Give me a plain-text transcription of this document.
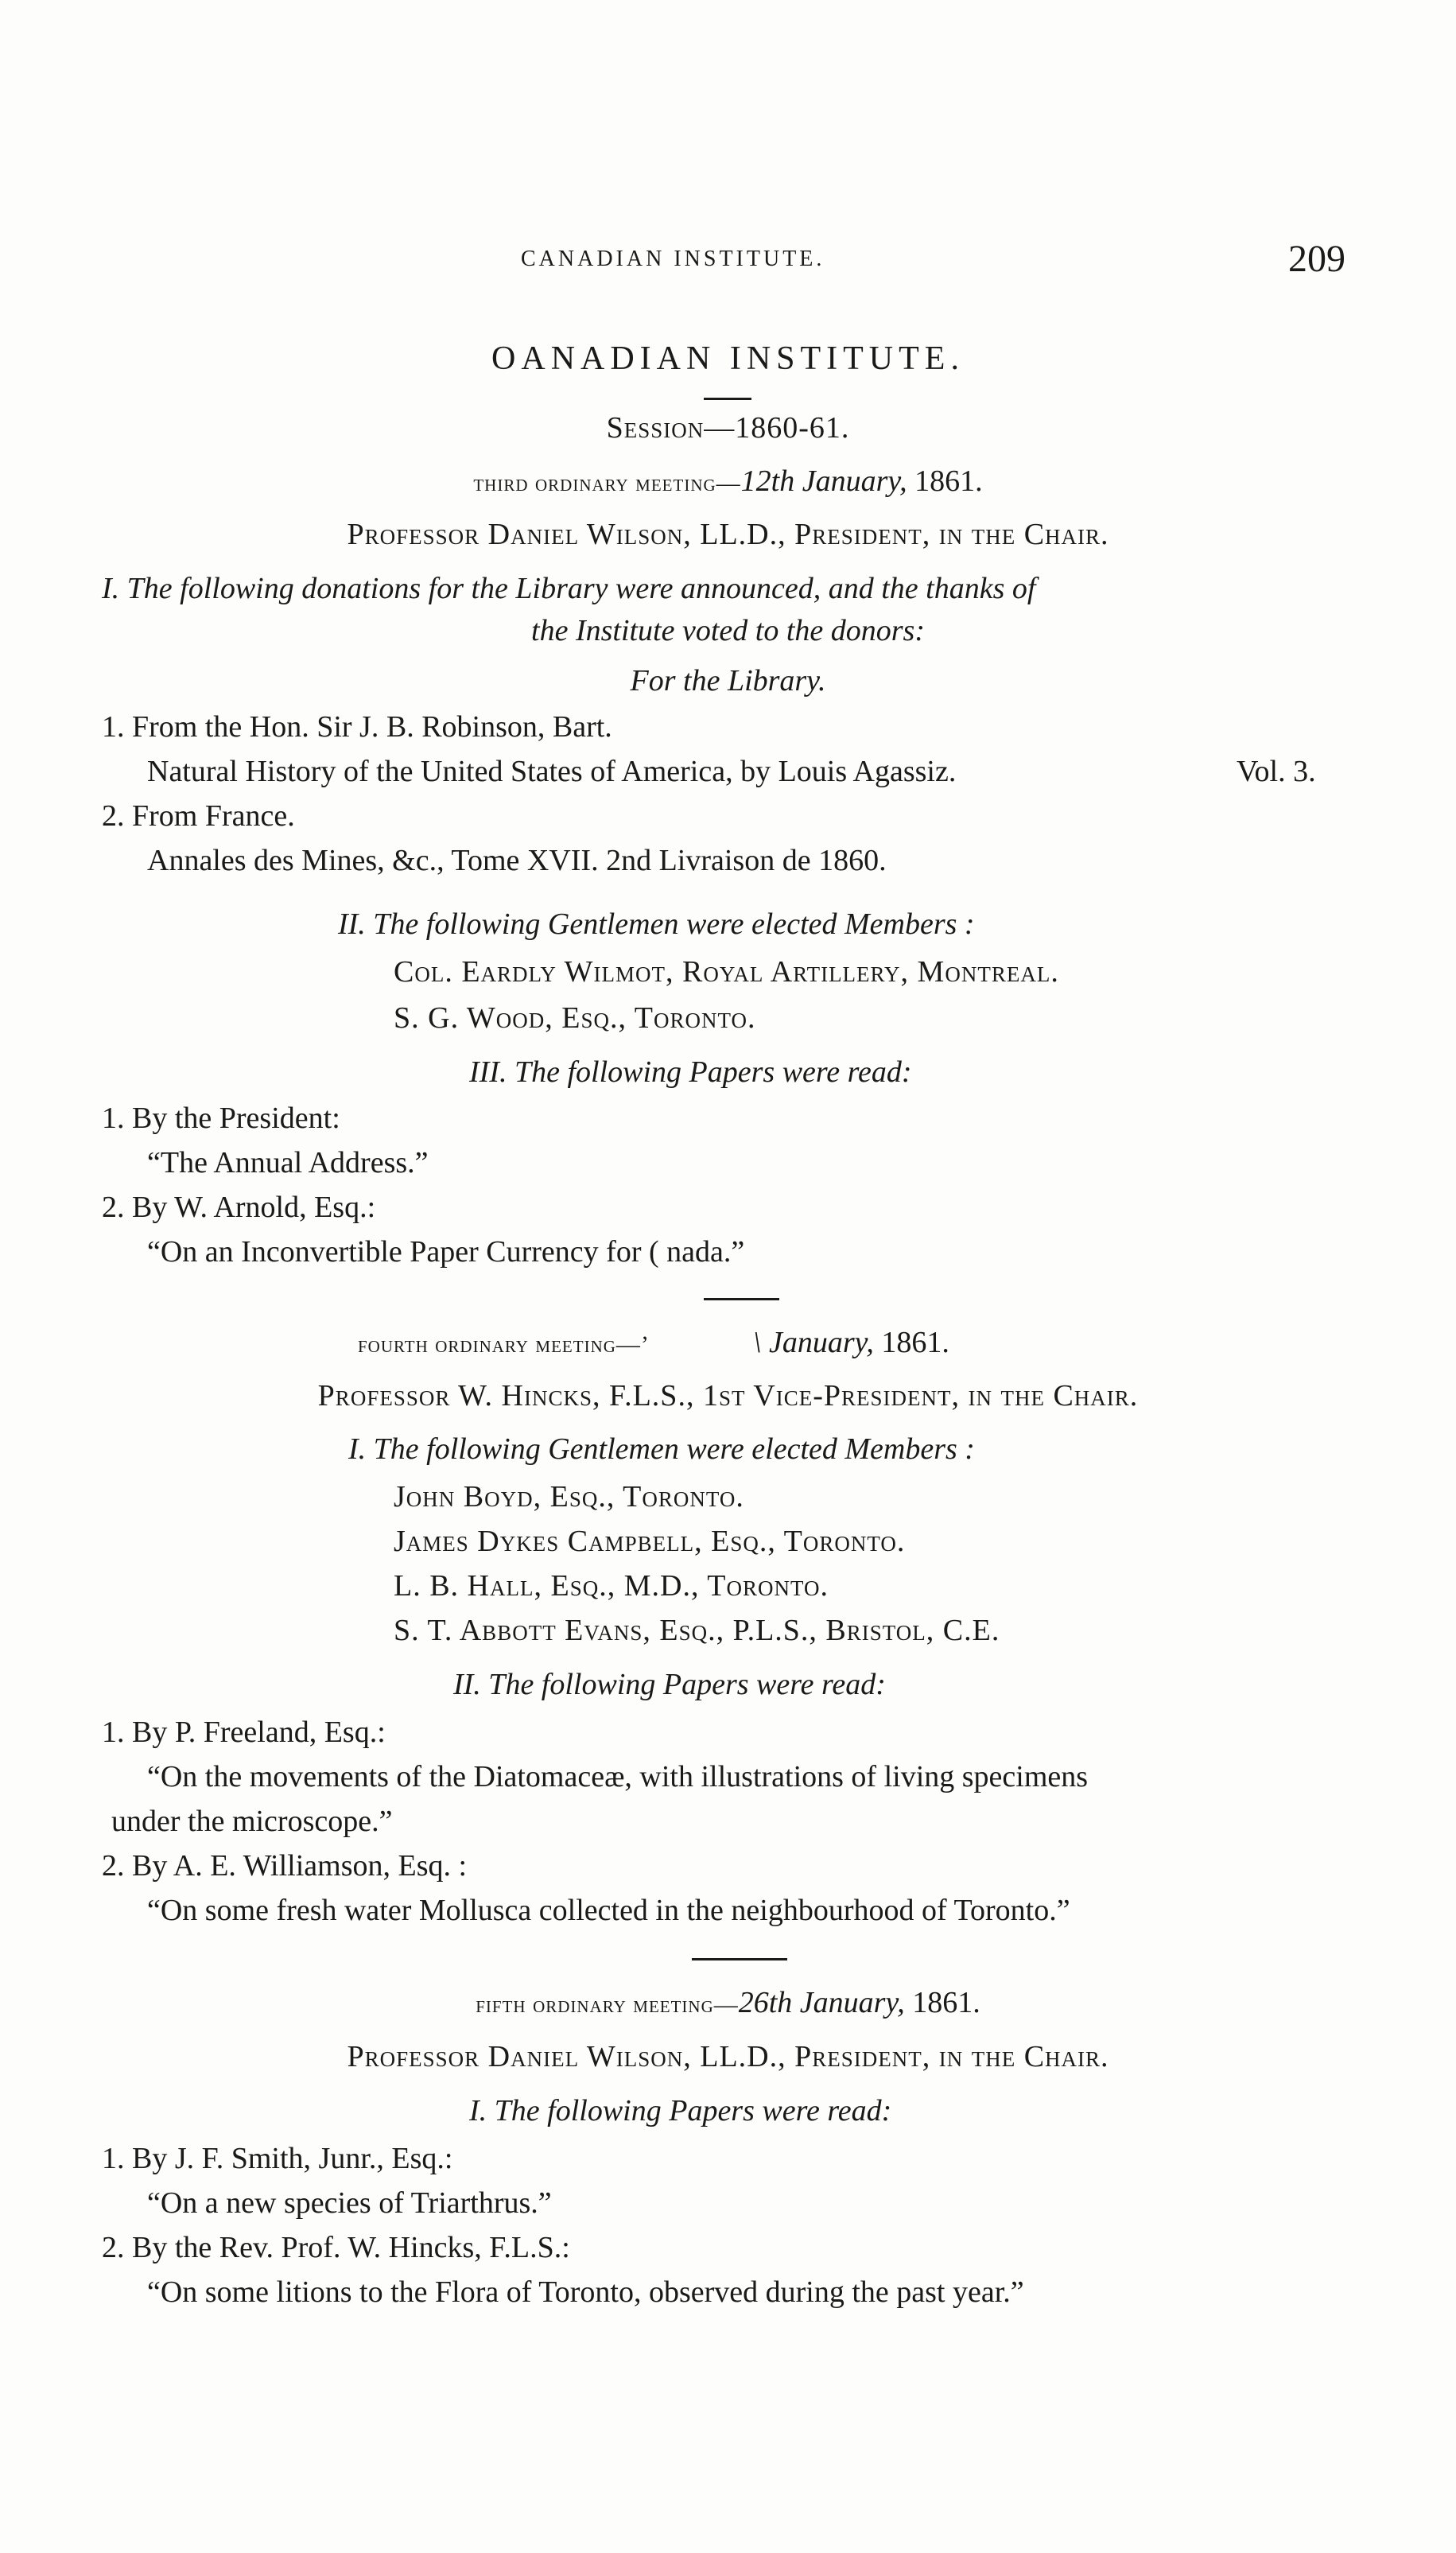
CANADIAN INSTITUTE.	209
OANADIAN INSTITUTE.
Session—1860-61.
third ordinary meeting—12th January, 1861.
Professor Daniel Wilson, LL.D., President, in the Chair.
I. The following donations for the Library were announced, and the thanks of
the Institute voted to the donors:
For the Library.
1. From the Hon. Sir J. B. Robinson, Bart.
Natural History of the United States of America, by Louis Agassiz.	Vol. 3.
2. From France.
Annales des Mines, &c., Tome XVII. 2nd Livraison de 1860.
II. The following Gentlemen were elected Members :
Col. Eardly Wilmot, Royal Artillery, Montreal.
S. G. Wood, Esq., Toronto.
III. The following Papers were read:
1. By the President:
“The Annual Address.”
2. By W. Arnold, Esq.:
“On an Inconvertible Paper Currency for ( nada.”
fourth ordinary meeting—’	\ January, 1861.
Professor W. Hincks, F.L.S., 1st Vice-President, in the Chair.
I. The following Gentlemen were elected Members :
John Boyd, Esq., Toronto.
James Dykes Campbell, Esq., Toronto.
L. B. Hall, Esq., M.D., Toronto.
S. T. Abbott Evans, Esq., P.L.S., Bristol, C.E.
II. The following Papers were read:
1. By P. Freeland, Esq.:
“On the movements of the Diatomaceæ, with illustrations of living specimens
under the microscope.”
2. By A. E. Williamson, Esq. :
“On some fresh water Mollusca collected in the neighbourhood of Toronto.”
fifth ordinary meeting—26th January, 1861.
Professor Daniel Wilson, LL.D., President, in the Chair.
I. The following Papers were read:
1. By J. F. Smith, Junr., Esq.:
“On a new species of Triarthrus.”
2. By the Rev. Prof. W. Hincks, F.L.S.:
“On some litions to the Flora of Toronto, observed during the past year.”
